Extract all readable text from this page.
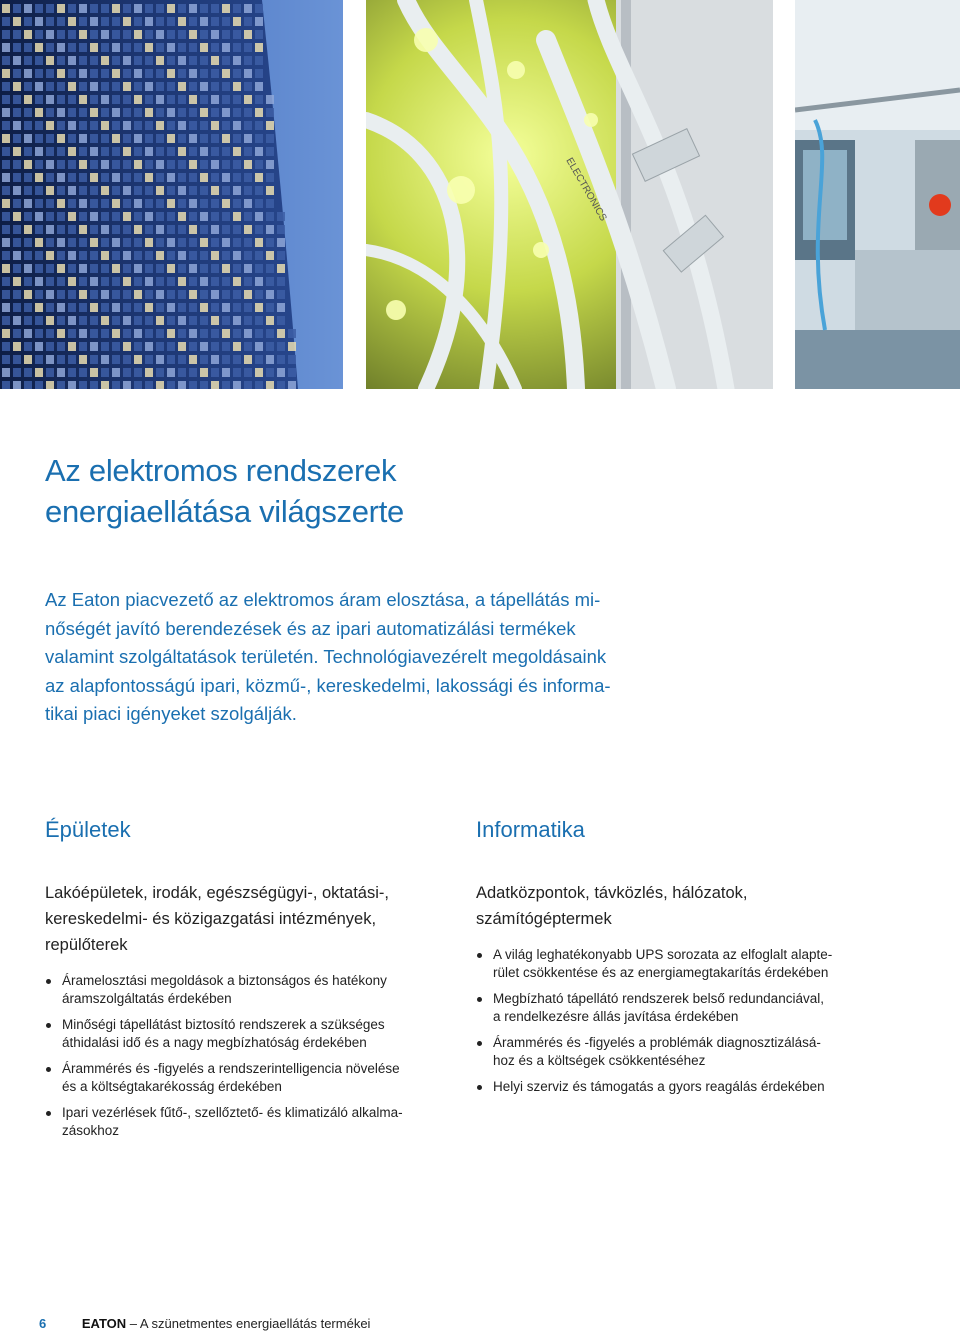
ELECTRONICS
Az elektromos rendszerek
energiaellátása világszerte

Az Eaton piacvezető az elektromos áram elosztása, a tápellátás mi-
nőségét javító berendezések és az ipari automatizálási termékek
valamint szolgáltatások területén. Technológiavezérelt megoldásaink
az alapfontosságú ipari, közmű-, kereskedelmi, lakossági és informa-
tikai piaci igényeket szolgálják.

Épületek

Lakóépületek, irodák, egészségügyi-, oktatási-,
kereskedelmi- és közigazgatási intézmények,
repülőterek

Áramelosztási megoldások a biztonságos és hatékony
áramszolgáltatás érdekében
Minőségi tápellátást biztosító rendszerek a szükséges
áthidalási idő és a nagy megbízhatóság érdekében
Árammérés és -figyelés a rendszerintelligencia növelése
és a költségtakarékosság érdekében
Ipari vezérlések fűtő-, szellőztető- és klimatizáló alkalma-
zásokhoz
Informatika

Adatközpontok, távközlés, hálózatok,
számítógéptermek

A világ leghatékonyabb UPS sorozata az elfoglalt alapte-
rület csökkentése és az energiamegtakarítás érdekében
Megbízható tápellátó rendszerek belső redundanciával,
a rendelkezésre állás javítása érdekében
Árammérés és -figyelés a problémák diagnosztizálásá-
hoz és a költségek csökkentéséhez
Helyi szerviz és támogatás a gyors reagálás érdekében
6	EATON – A szünetmentes energiaellátás termékei
